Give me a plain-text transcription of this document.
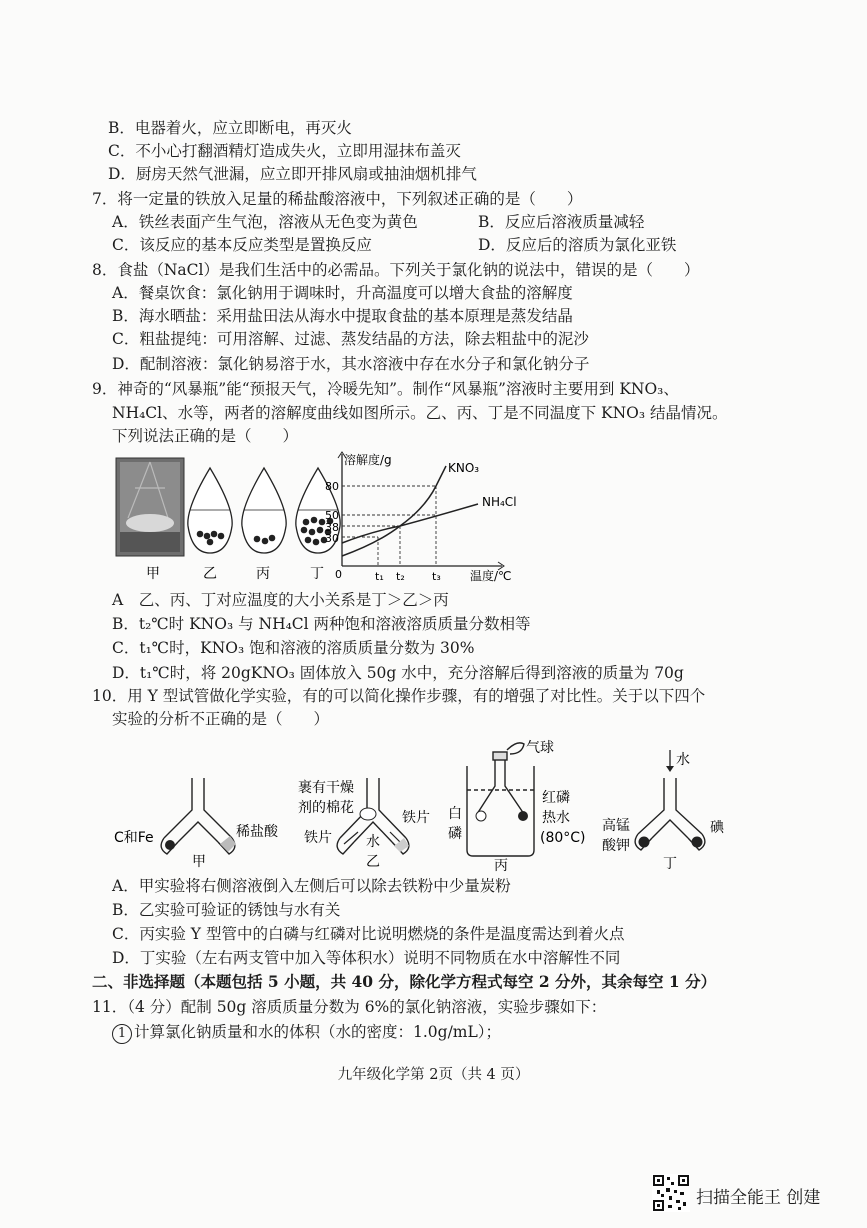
B．电器着火，应立即断电，再灭火
C．不小心打翻酒精灯造成失火，立即用湿抹布盖灭
D．厨房天然气泄漏，应立即开排风扇或抽油烟机排气
7．将一定量的铁放入足量的稀盐酸溶液中，下列叙述正确的是（　　）
A．铁丝表面产生气泡，溶液从无色变为黄色	B．反应后溶液质量减轻
C．该反应的基本反应类型是置换反应	D．反应后的溶质为氯化亚铁
8．食盐（NaCl）是我们生活中的必需品。下列关于氯化钠的说法中，错误的是（　　）
A．餐桌饮食：氯化钠用于调味时，升高温度可以增大食盐的溶解度
B．海水晒盐：采用盐田法从海水中提取食盐的基本原理是蒸发结晶
C．粗盐提纯：可用溶解、过滤、蒸发结晶的方法，除去粗盐中的泥沙
D．配制溶液：氯化钠易溶于水，其水溶液中存在水分子和氯化钠分子
9．神奇的“风暴瓶”能“预报天气，冷暖先知”。制作“风暴瓶”溶液时主要用到 KNO₃、
NH₄Cl、水等，两者的溶解度曲线如图所示。乙、丙、丁是不同温度下 KNO₃ 结晶情况。
下列说法正确的是（　　）
甲	乙	丙	丁
溶解度/g
温度/℃
0
80
50
38
30
t₁ t₂ t₃
KNO₃
NH₄Cl
A　乙、丙、丁对应温度的大小关系是丁＞乙＞丙
B．t₂℃时 KNO₃ 与 NH₄Cl 两种饱和溶液溶质质量分数相等
C．t₁℃时，KNO₃ 饱和溶液的溶质质量分数为 30%
D．t₁℃时，将 20gKNO₃ 固体放入 50g 水中，充分溶解后得到溶液的质量为 70g
10．用 Y 型试管做化学实验，有的可以简化操作步骤，有的增强了对比性。关于以下四个
实验的分析不正确的是（　　）
C和Fe	稀盐酸
甲
裹有干燥
剂的棉花
铁片
铁片 水
乙
气球
白
磷
红磷
热水
(80°C)
丙
水
高锰
酸钾
碘
丁
A．甲实验将右侧溶液倒入左侧后可以除去铁粉中少量炭粉
B．乙实验可验证的锈蚀与水有关
C．丙实验 Y 型管中的白磷与红磷对比说明燃烧的条件是温度需达到着火点
D．丁实验（左右两支管中加入等体积水）说明不同物质在水中溶解性不同
二、非选择题（本题包括 5 小题，共 40 分，除化学方程式每空 2 分外，其余每空 1 分）
11．（4 分）配制 50g 溶质质量分数为 6%的氯化钠溶液，实验步骤如下：
1 计算氯化钠质量和水的体积（水的密度：1.0g/mL）；
九年级化学第 2页（共 4 页）
扫描全能王 创建
